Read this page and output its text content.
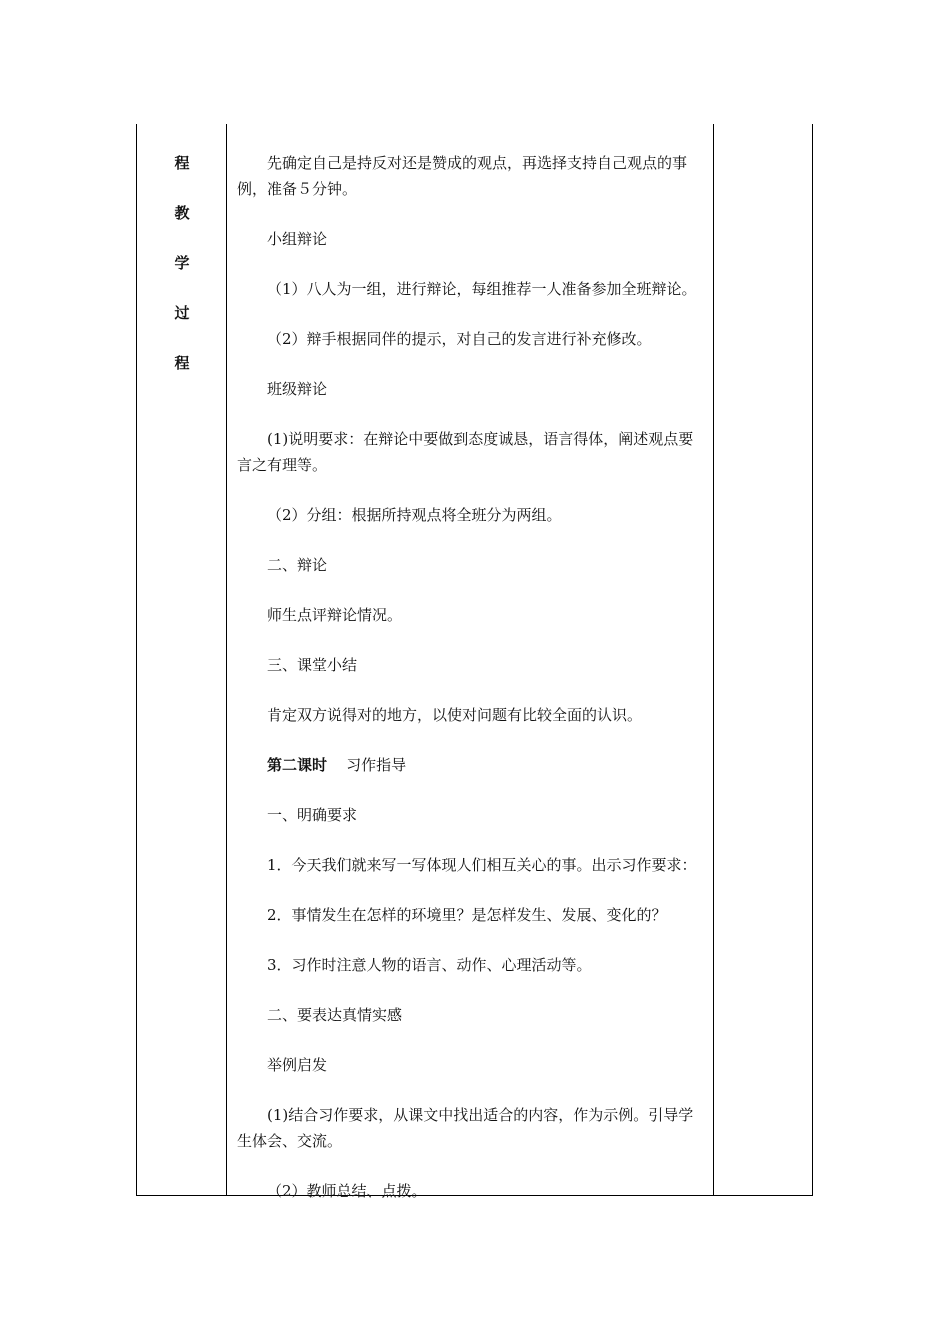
程
教
学
过
程

先确定自己是持反对还是赞成的观点，再选择支持自己观点的事例，准备５分钟。

小组辩论

（1）八人为一组，进行辩论，每组推荐一人准备参加全班辩论。

（2）辩手根据同伴的提示，对自己的发言进行补充修改。

班级辩论

(1)说明要求：在辩论中要做到态度诚恳，语言得体，阐述观点要言之有理等。

（2）分组：根据所持观点将全班分为两组。

二、辩论

师生点评辩论情况。

三、课堂小结

肯定双方说得对的地方，以使对问题有比较全面的认识。

第二课时 习作指导

一、明确要求

1．今天我们就来写一写体现人们相互关心的事。出示习作要求：

2．事情发生在怎样的环境里？是怎样发生、发展、变化的？

3．习作时注意人物的语言、动作、心理活动等。

二、要表达真情实感

举例启发

(1)结合习作要求，从课文中找出适合的内容，作为示例。引导学生体会、交流。

（2）教师总结、点拨。
